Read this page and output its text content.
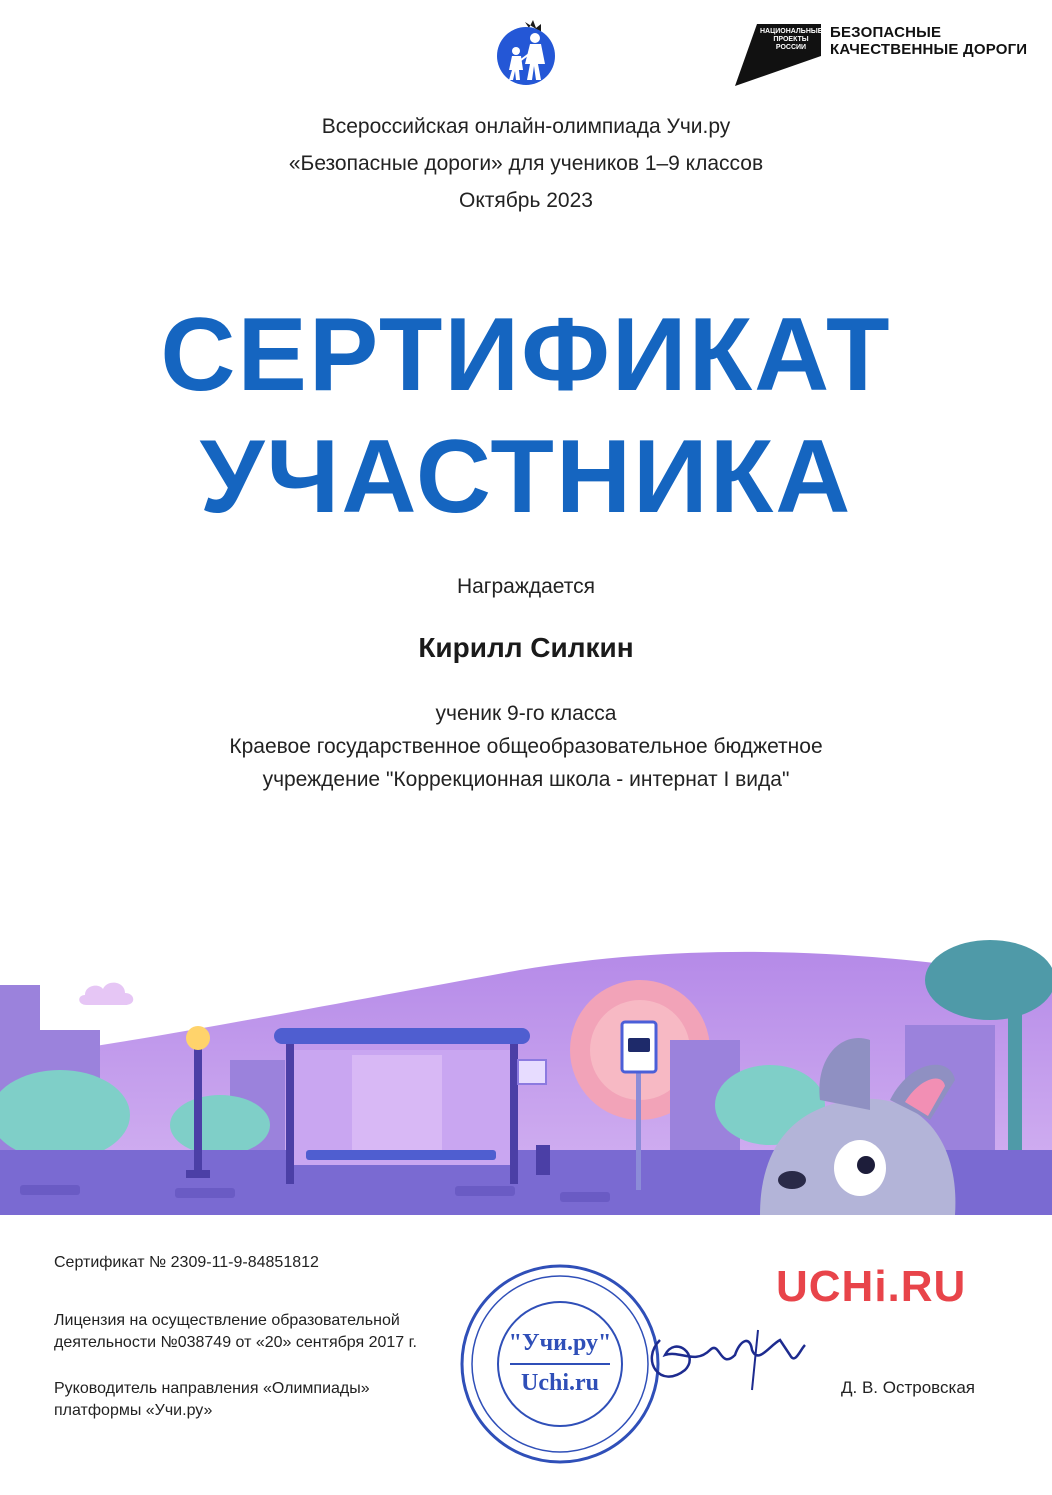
НАЦИОНАЛЬНЫЕ ПРОЕКТЫ РОССИИ
БЕЗОПАСНЫЕ
КАЧЕСТВЕННЫЕ ДОРОГИ
Всероссийская онлайн-олимпиада Учи.ру
«Безопасные дороги» для учеников 1–9 классов
Октябрь 2023
СЕРТИФИКАТ
УЧАСТНИКА
Награждается
Кирилл Силкин
ученик 9-го класса
Краевое государственное общеобразовательное бюджетное
учреждение "Коррекционная школа - интернат I вида"
Сертификат № 2309-11-9-84851812
Лицензия на осуществление образовательной
деятельности №038749 от «20» сентября 2017 г.
Руководитель направления «Олимпиады»
платформы «Учи.ру»
"Учи.ру"
Uchi.ru
UCHi.RU
Д. В. Островская
